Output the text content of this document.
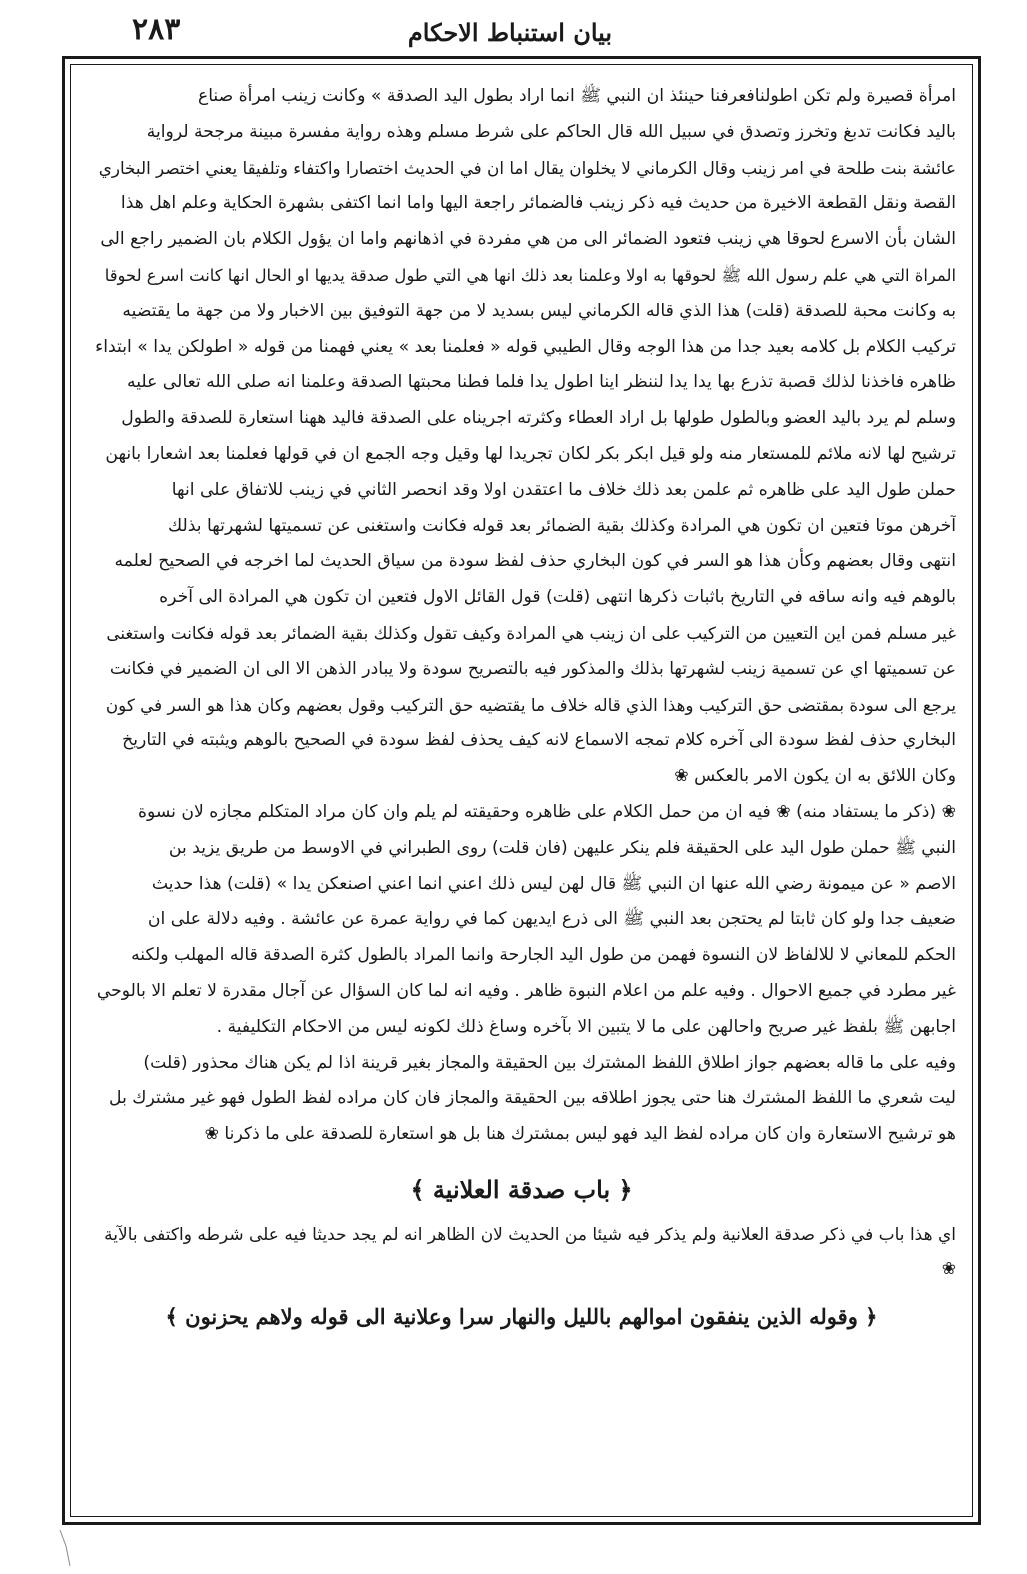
٢٨٣	بيان استنباط الاحكام
امرأة قصيرة ولم تكن اطولنافعرفنا حينئذ ان النبي ﷺ انما اراد بطول اليد الصدقة » وكانت زينب امرأة صناع
باليد فكانت تدبغ وتخرز وتصدق في سبيل الله قال الحاكم على شرط مسلم وهذه رواية مفسرة مبينة مرجحة لرواية
عائشة بنت طلحة في امر زينب وقال الكرماني لا يخلوان يقال اما ان في الحديث اختصارا واكتفاء وتلفيقا يعني اختصر البخاري
القصة ونقل القطعة الاخيرة من حديث فيه ذكر زينب فالضمائر راجعة اليها واما انما اكتفى بشهرة الحكاية وعلم اهل هذا
الشان بأن الاسرع لحوقا هي زينب فتعود الضمائر الى من هي مفردة في اذهانهم واما ان يؤول الكلام بان الضمير راجع الى
المراة التي هي علم رسول الله ﷺ لحوقها به اولا وعلمنا بعد ذلك انها هي التي طول صدقة يديها او الحال انها كانت اسرع لحوقا
به وكانت محبة للصدقة (قلت) هذا الذي قاله الكرماني ليس بسديد لا من جهة التوفيق بين الاخبار ولا من جهة ما يقتضيه
تركيب الكلام بل كلامه بعيد جدا من هذا الوجه وقال الطيبي قوله « فعلمنا بعد » يعني فهمنا من قوله « اطولكن يدا » ابتداء
ظاهره فاخذنا لذلك قصبة تذرع بها يدا يدا لننظر اينا اطول يدا فلما فطنا محبتها الصدقة وعلمنا انه صلى الله تعالى عليه
وسلم لم يرد باليد العضو وبالطول طولها بل اراد العطاء وكثرته اجريناه على الصدقة فاليد ههنا استعارة للصدقة والطول
ترشيح لها لانه ملائم للمستعار منه ولو قيل ابكر بكر لكان تجريدا لها وقيل وجه الجمع ان في قولها فعلمنا بعد اشعارا بانهن
حملن طول اليد على ظاهره ثم علمن بعد ذلك خلاف ما اعتقدن اولا وقد انحصر الثاني في زينب للاتفاق على انها
آخرهن موتا فتعين ان تكون هي المرادة وكذلك بقية الضمائر بعد قوله فكانت واستغنى عن تسميتها لشهرتها بذلك
انتهى وقال بعضهم وكأن هذا هو السر في كون البخاري حذف لفظ سودة من سياق الحديث لما اخرجه في الصحيح لعلمه
بالوهم فيه وانه ساقه في التاريخ باثبات ذكرها انتهى (قلت) قول القائل الاول فتعين ان تكون هي المرادة الى آخره
غير مسلم فمن اين التعيين من التركيب على ان زينب هي المرادة وكيف تقول وكذلك بقية الضمائر بعد قوله فكانت واستغنى
عن تسميتها اي عن تسمية زينب لشهرتها بذلك والمذكور فيه بالتصريح سودة ولا يبادر الذهن الا الى ان الضمير في فكانت
يرجع الى سودة بمقتضى حق التركيب وهذا الذي قاله خلاف ما يقتضيه حق التركيب وقول بعضهم وكان هذا هو السر في كون
البخاري حذف لفظ سودة الى آخره كلام تمجه الاسماع لانه كيف يحذف لفظ سودة في الصحيح بالوهم ويثبته في التاريخ
وكان اللائق به ان يكون الامر بالعكس ❀
❀ (ذكر ما يستفاد منه) ❀ فيه ان من حمل الكلام على ظاهره وحقيقته لم يلم وان كان مراد المتكلم مجازه لان نسوة
النبي ﷺ حملن طول اليد على الحقيقة فلم ينكر عليهن (فان قلت) روى الطبراني في الاوسط من طريق يزيد بن
الاصم « عن ميمونة رضي الله عنها ان النبي ﷺ قال لهن ليس ذلك اعني انما اعني اصنعكن يدا » (قلت) هذا حديث
ضعيف جدا ولو كان ثابتا لم يحتجن بعد النبي ﷺ الى ذرع ايديهن كما في رواية عمرة عن عائشة . وفيه دلالة على ان
الحكم للمعاني لا للالفاظ لان النسوة فهمن من طول اليد الجارحة وانما المراد بالطول كثرة الصدقة قاله المهلب ولكنه
غير مطرد في جميع الاحوال . وفيه علم من اعلام النبوة ظاهر . وفيه انه لما كان السؤال عن آجال مقدرة لا تعلم الا بالوحي
اجابهن ﷺ بلفظ غير صريح واحالهن على ما لا يتبين الا بآخره وساغ ذلك لكونه ليس من الاحكام التكليفية .
وفيه على ما قاله بعضهم جواز اطلاق اللفظ المشترك بين الحقيقة والمجاز بغير قرينة اذا لم يكن هناك محذور (قلت)
ليت شعري ما اللفظ المشترك هنا حتى يجوز اطلاقه بين الحقيقة والمجاز فان كان مراده لفظ الطول فهو غير مشترك بل
هو ترشيح الاستعارة وان كان مراده لفظ اليد فهو ليس بمشترك هنا بل هو استعارة للصدقة على ما ذكرنا ❀
﴿ باب صدقة العلانية ﴾
اي هذا باب في ذكر صدقة العلانية ولم يذكر فيه شيئا من الحديث لان الظاهر انه لم يجد حديثا فيه على شرطه واكتفى بالآية ❀
﴿ وقوله الذين ينفقون اموالهم بالليل والنهار سرا وعلانية الى قوله ولاهم يحزنون ﴾
